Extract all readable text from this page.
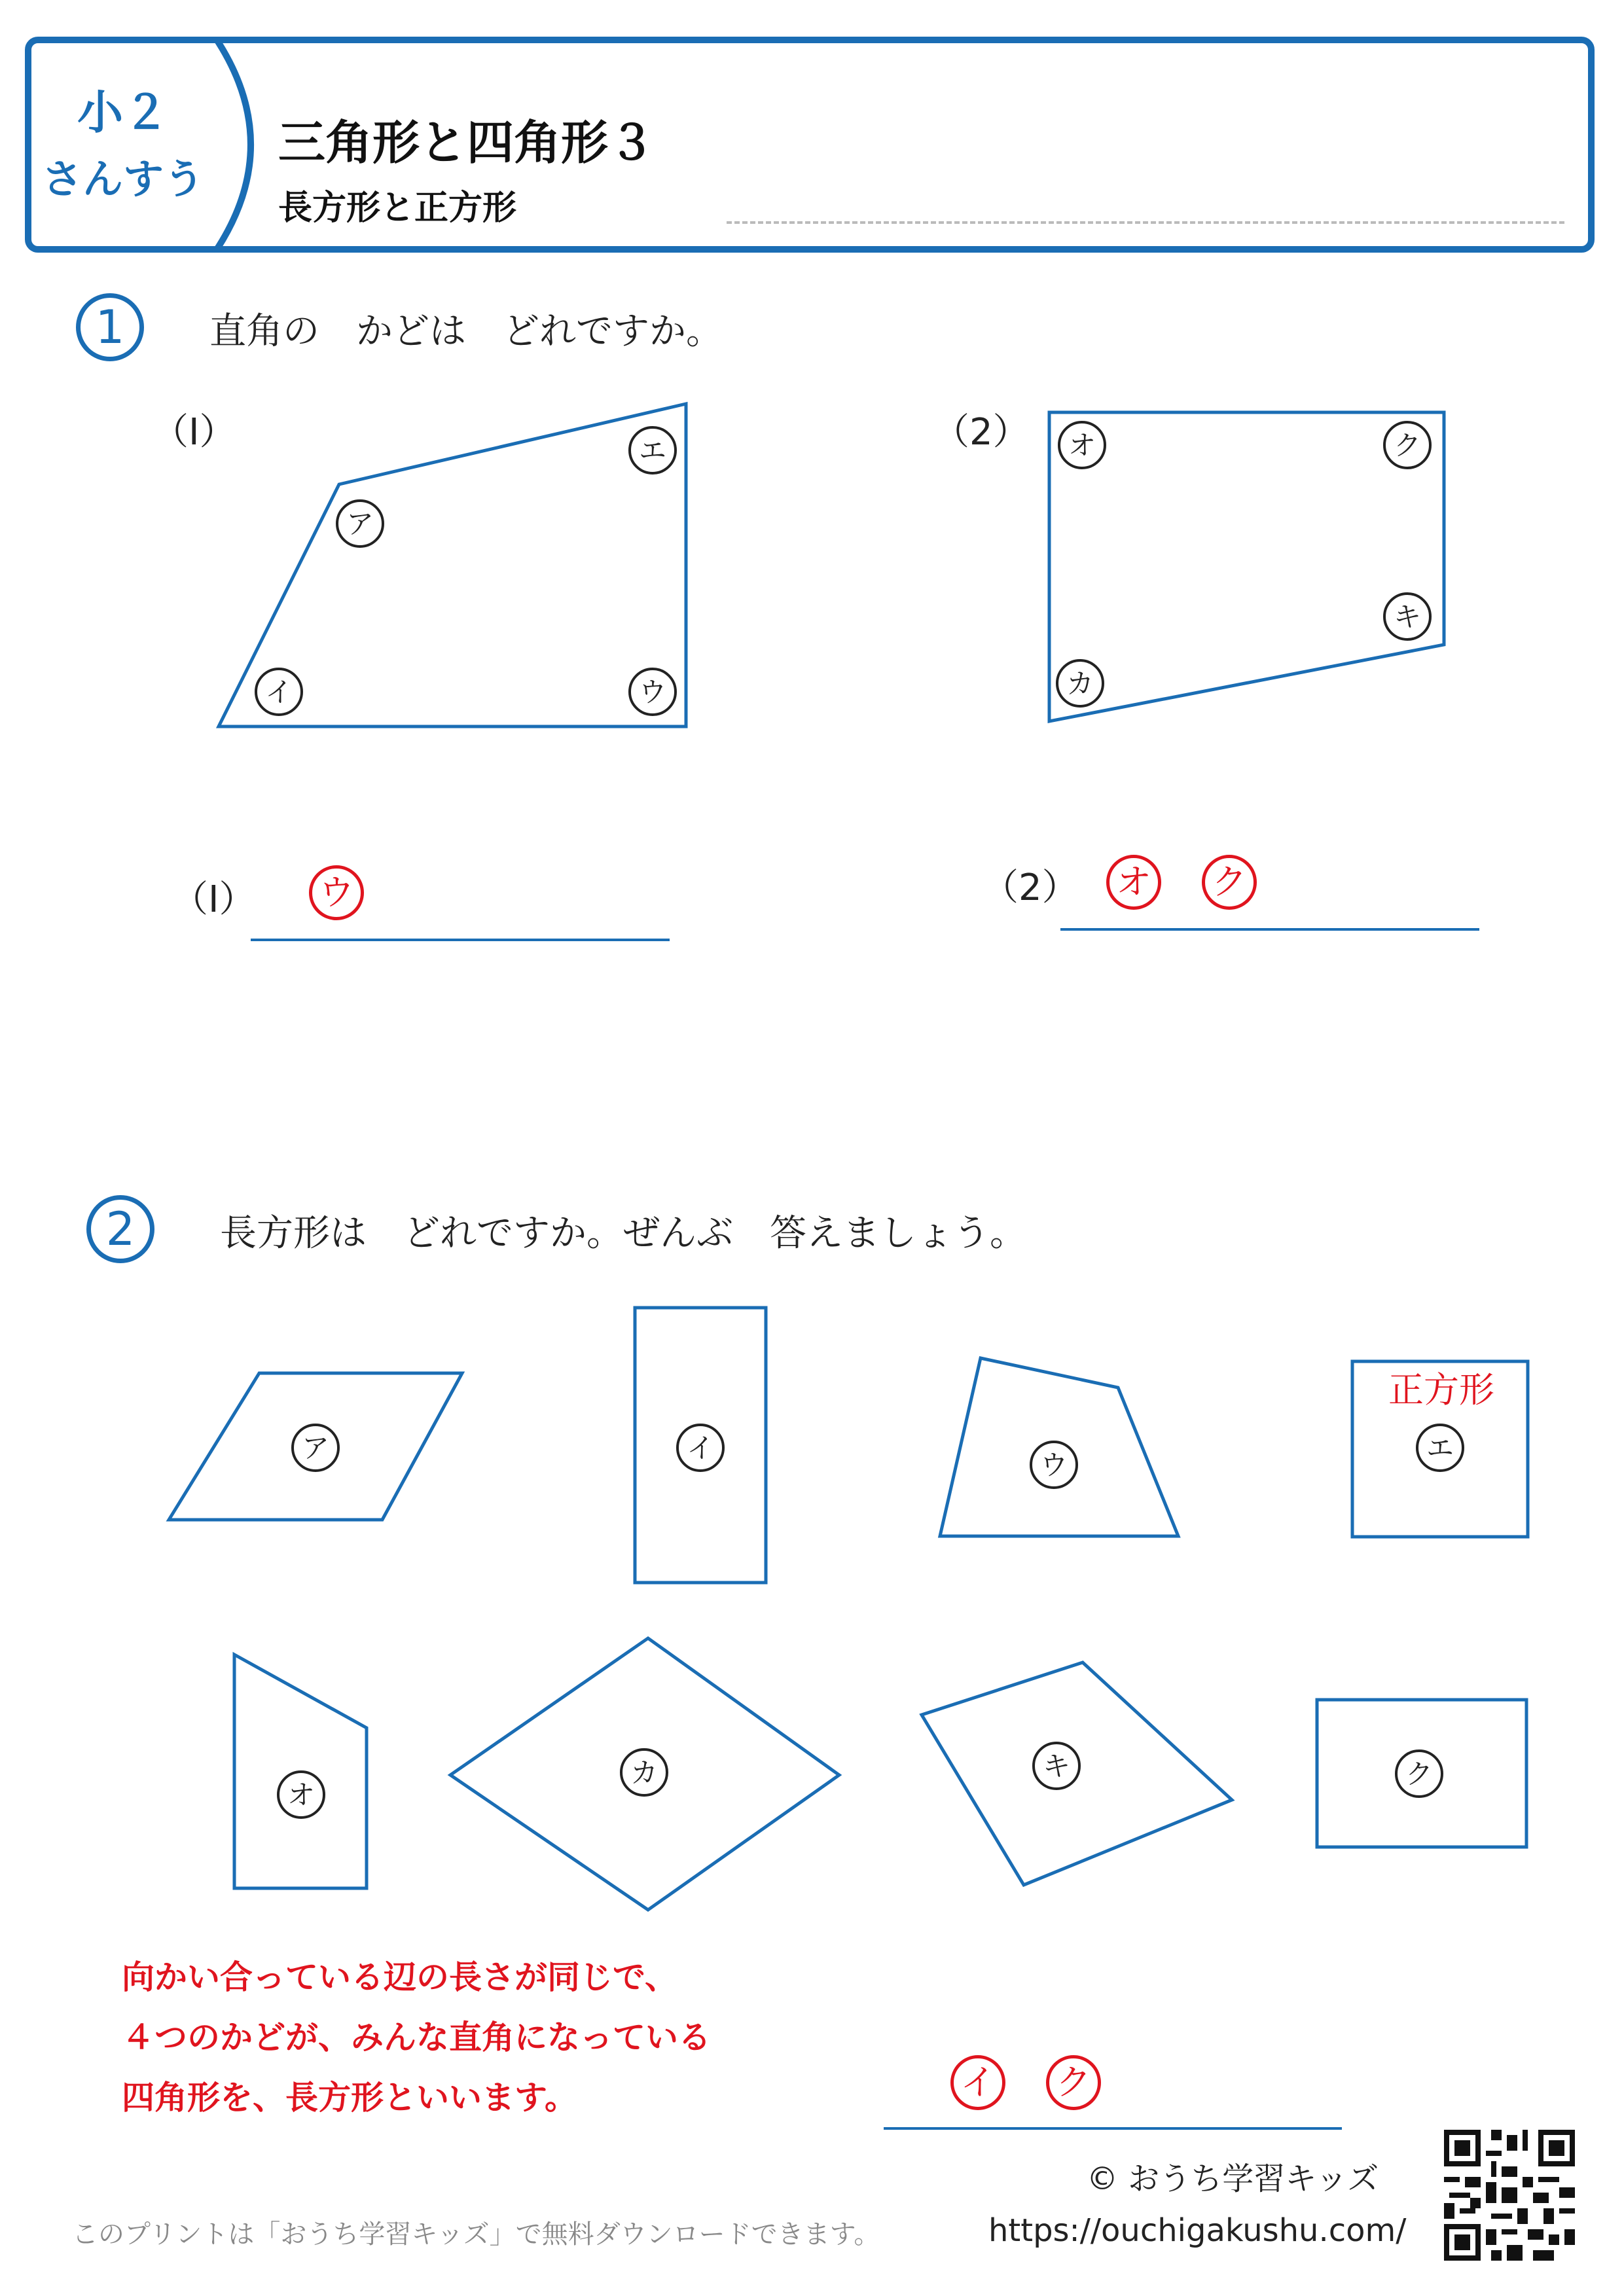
小２
さんすう
三角形と四角形３
長方形と正方形
1	直角の　かどは　どれですか。
（Ⅰ）	（2）
ア
イ	ウ
エ	オ
カ
キ
ク
（Ⅰ） ウ	（2） オ ク
2	長方形は　どれですか。ぜんぶ　答えましょう。
ア	イ
ウ
エ
オ
カ	キ	ク
正方形
向かい合っている辺の長さが同じで、
４つのかどが、みんな直角になっている
四角形を、長方形といいます。	イ ク
このプリントは「おうち学習キッズ」で無料ダウンロードできます。
© おうち学習キッズ
https://ouchigakushu.com/
